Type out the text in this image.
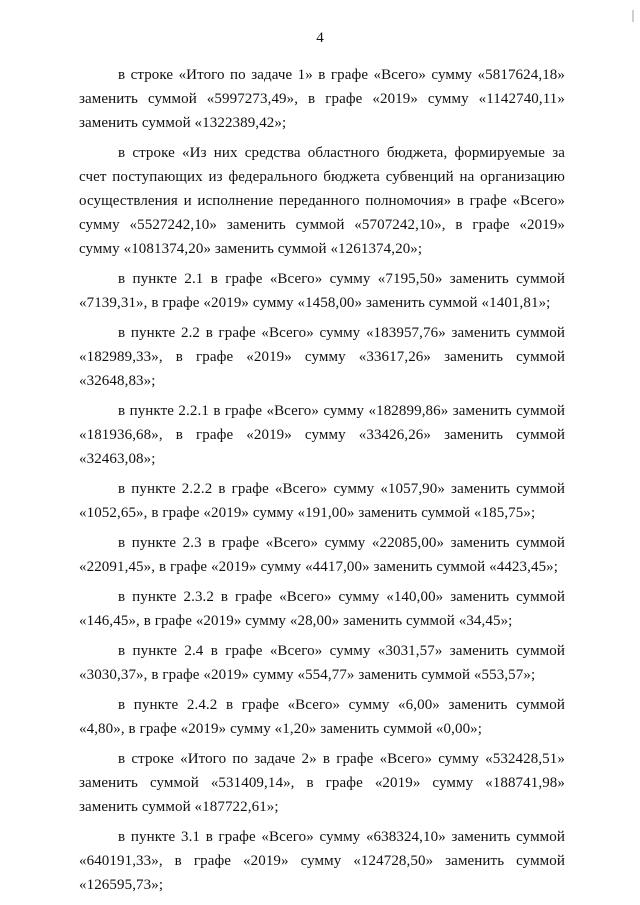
4

в строке «Итого по задаче 1» в графе «Всего» сумму «5817624,18» заменить суммой «5997273,49», в графе «2019» сумму «1142740,11» заменить суммой «1322389,42»;

в строке «Из них средства областного бюджета, формируемые за счет поступающих из федерального бюджета субвенций на организацию осуществления и исполнение переданного полномочия» в графе «Всего» сумму «5527242,10» заменить суммой «5707242,10», в графе «2019» сумму «1081374,20» заменить суммой «1261374,20»;

в пункте 2.1 в графе «Всего» сумму «7195,50» заменить суммой «7139,31», в графе «2019» сумму «1458,00» заменить суммой «1401,81»;

в пункте 2.2 в графе «Всего» сумму «183957,76» заменить суммой «182989,33», в графе «2019» сумму «33617,26» заменить суммой «32648,83»;

в пункте 2.2.1 в графе «Всего» сумму «182899,86» заменить суммой «181936,68», в графе «2019» сумму «33426,26» заменить суммой «32463,08»;

в пункте 2.2.2 в графе «Всего» сумму «1057,90» заменить суммой «1052,65», в графе «2019» сумму «191,00» заменить суммой «185,75»;

в пункте 2.3 в графе «Всего» сумму «22085,00» заменить суммой «22091,45», в графе «2019» сумму «4417,00» заменить суммой «4423,45»;

в пункте 2.3.2 в графе «Всего» сумму «140,00» заменить суммой «146,45», в графе «2019» сумму «28,00» заменить суммой «34,45»;

в пункте 2.4 в графе «Всего» сумму «3031,57» заменить суммой «3030,37», в графе «2019» сумму «554,77» заменить суммой «553,57»;

в пункте 2.4.2 в графе «Всего» сумму «6,00» заменить суммой «4,80», в графе «2019» сумму «1,20» заменить суммой «0,00»;

в строке «Итого по задаче 2» в графе «Всего» сумму «532428,51» заменить суммой «531409,14», в графе «2019» сумму «188741,98» заменить суммой «187722,61»;

в пункте 3.1 в графе «Всего» сумму «638324,10» заменить суммой «640191,33», в графе «2019» сумму «124728,50» заменить суммой «126595,73»;
